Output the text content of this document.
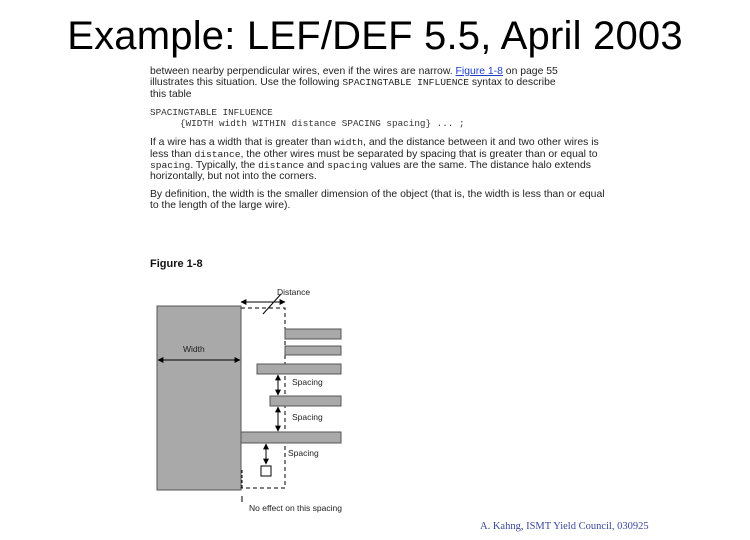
Example: LEF/DEF 5.5, April 2003

between nearby perpendicular wires, even if the wires are narrow. Figure 1-8 on page 55
illustrates this situation. Use the following SPACINGTABLE INFLUENCE syntax to describe
this table

SPACINGTABLE INFLUENCE
{WIDTH width WITHIN distance SPACING spacing} ... ;

If a wire has a width that is greater than width, and the distance between it and two other wires is less than distance, the other wires must be separated by spacing that is greater than or equal to spacing. Typically, the distance and spacing values are the same. The distance halo extends horizontally, but not into the corners.

By definition, the width is the smaller dimension of the object (that is, the width is less than or equal to the length of the large wire).

Figure 1-8
Distance
Width
Spacing
Spacing
Spacing
No effect on this spacing
A. Kahng, ISMT Yield Council, 030925
